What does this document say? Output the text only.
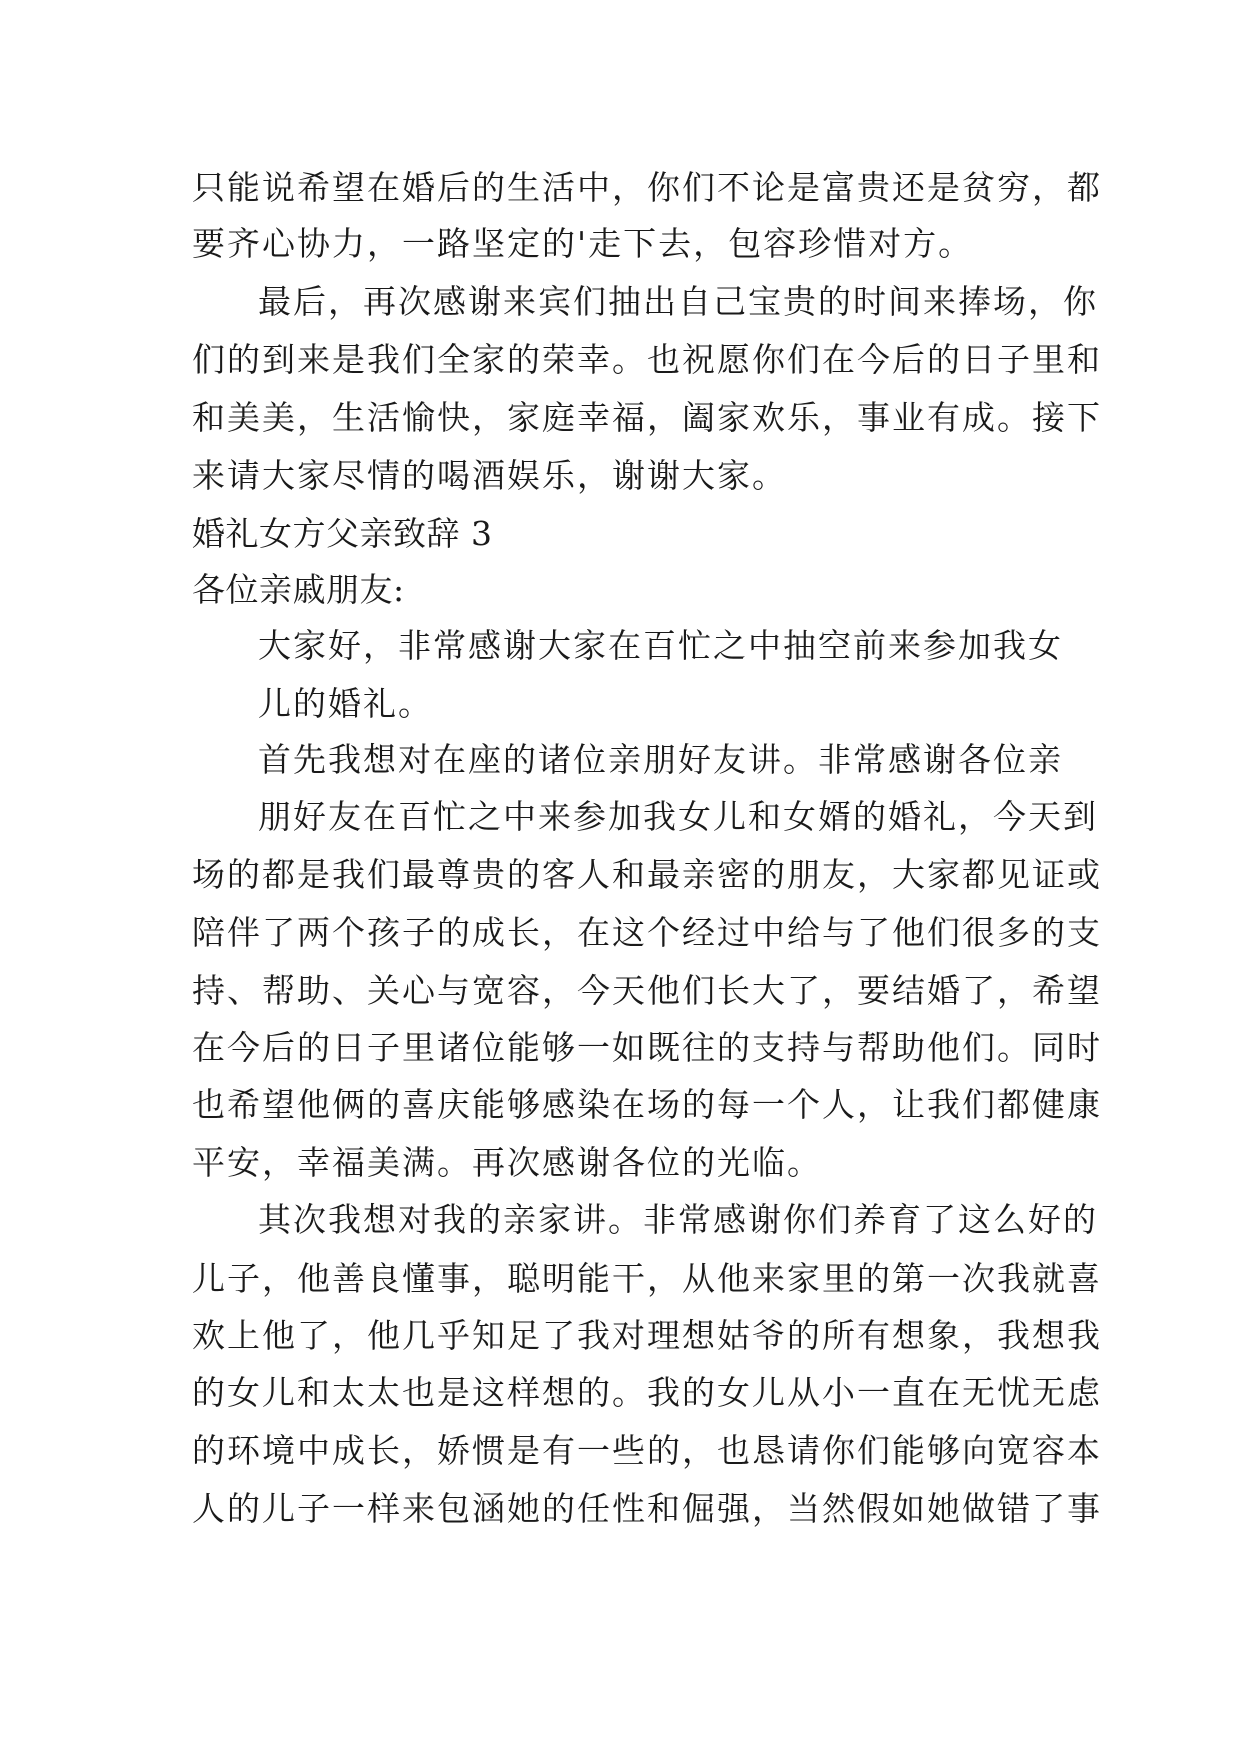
只能说希望在婚后的生活中，你们不论是富贵还是贫穷，都

要齐心协力，一路坚定的'走下去，包容珍惜对方。

最后，再次感谢来宾们抽出自己宝贵的时间来捧场，你

们的到来是我们全家的荣幸。也祝愿你们在今后的日子里和

和美美，生活愉快，家庭幸福，阖家欢乐，事业有成。接下

来请大家尽情的喝酒娱乐，谢谢大家。

婚礼女方父亲致辞 3

各位亲戚朋友:

大家好，非常感谢大家在百忙之中抽空前来参加我女

儿的婚礼。

首先我想对在座的诸位亲朋好友讲。非常感谢各位亲

朋好友在百忙之中来参加我女儿和女婿的婚礼，今天到

场的都是我们最尊贵的客人和最亲密的朋友，大家都见证或

陪伴了两个孩子的成长，在这个经过中给与了他们很多的支

持、帮助、关心与宽容，今天他们长大了，要结婚了，希望

在今后的日子里诸位能够一如既往的支持与帮助他们。同时

也希望他俩的喜庆能够感染在场的每一个人，让我们都健康

平安，幸福美满。再次感谢各位的光临。

其次我想对我的亲家讲。非常感谢你们养育了这么好的

儿子，他善良懂事，聪明能干，从他来家里的第一次我就喜

欢上他了，他几乎知足了我对理想姑爷的所有想象，我想我

的女儿和太太也是这样想的。我的女儿从小一直在无忧无虑

的环境中成长，娇惯是有一些的，也恳请你们能够向宽容本

人的儿子一样来包涵她的任性和倔强，当然假如她做错了事
